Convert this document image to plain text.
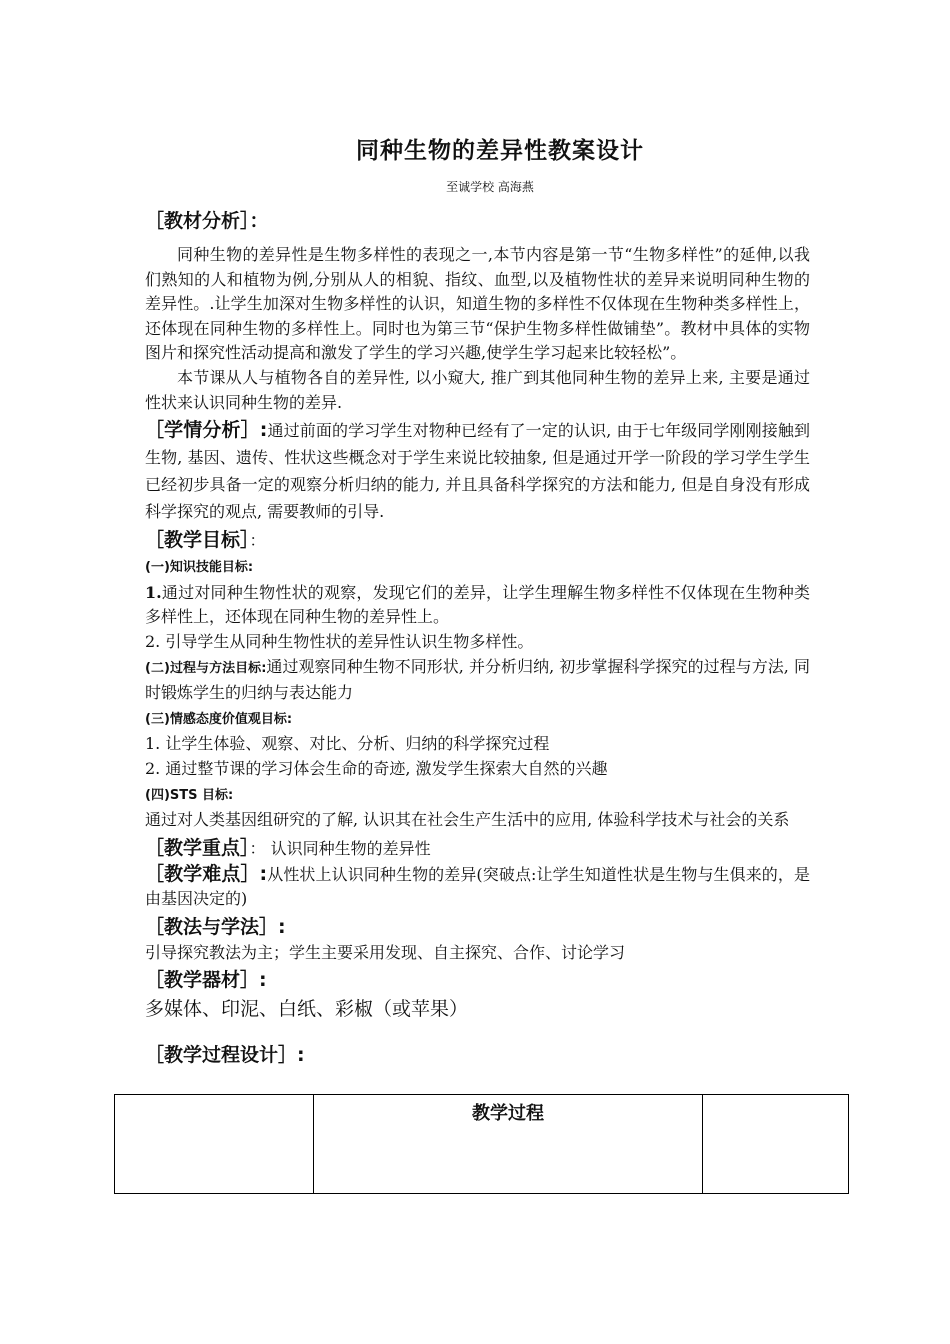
同种生物的差异性教案设计
至诚学校 高海燕

［教材分析］：

同种生物的差异性是生物多样性的表现之一,本节内容是第一节“生物多样性”的延伸,以我们熟知的人和植物为例,分别从人的相貌、指纹、血型,以及植物性状的差异来说明同种生物的差异性。.让学生加深对生物多样性的认识，知道生物的多样性不仅体现在生物种类多样性上，还体现在同种生物的多样性上。同时也为第三节“保护生物多样性做铺垫”。教材中具体的实物图片和探究性活动提高和激发了学生的学习兴趣,使学生学习起来比较轻松”。

本节课从人与植物各自的差异性, 以小窥大, 推广到其他同种生物的差异上来, 主要是通过性状来认识同种生物的差异.

［学情分析］:通过前面的学习学生对物种已经有了一定的认识, 由于七年级同学刚刚接触到生物, 基因、遗传、性状这些概念对于学生来说比较抽象, 但是通过开学一阶段的学习学生学生已经初步具备一定的观察分析归纳的能力, 并且具备科学探究的方法和能力, 但是自身没有形成科学探究的观点, 需要教师的引导.

［教学目标］：

(一)知识技能目标:

1.通过对同种生物性状的观察，发现它们的差异，让学生理解生物多样性不仅体现在生物种类多样性上，还体现在同种生物的差异性上。

2. 引导学生从同种生物性状的差异性认识生物多样性。

(二)过程与方法目标:通过观察同种生物不同形状, 并分析归纳, 初步掌握科学探究的过程与方法, 同时锻炼学生的归纳与表达能力

(三)情感态度价值观目标:

1. 让学生体验、观察、对比、分析、归纳的科学探究过程

2. 通过整节课的学习体会生命的奇迹, 激发学生探索大自然的兴趣

(四)STS 目标:

通过对人类基因组研究的了解, 认识其在社会生产生活中的应用, 体验科学技术与社会的关系

［教学重点］： 认识同种生物的差异性

［教学难点］:从性状上认识同种生物的差异(突破点:让学生知道性状是生物与生俱来的，是由基因决定的)

［教法与学法］:

引导探究教法为主；学生主要采用发现、自主探究、合作、讨论学习

［教学器材］:

多媒体、印泥、白纸、彩椒（或苹果）

［教学过程设计］:

	教学过程	
